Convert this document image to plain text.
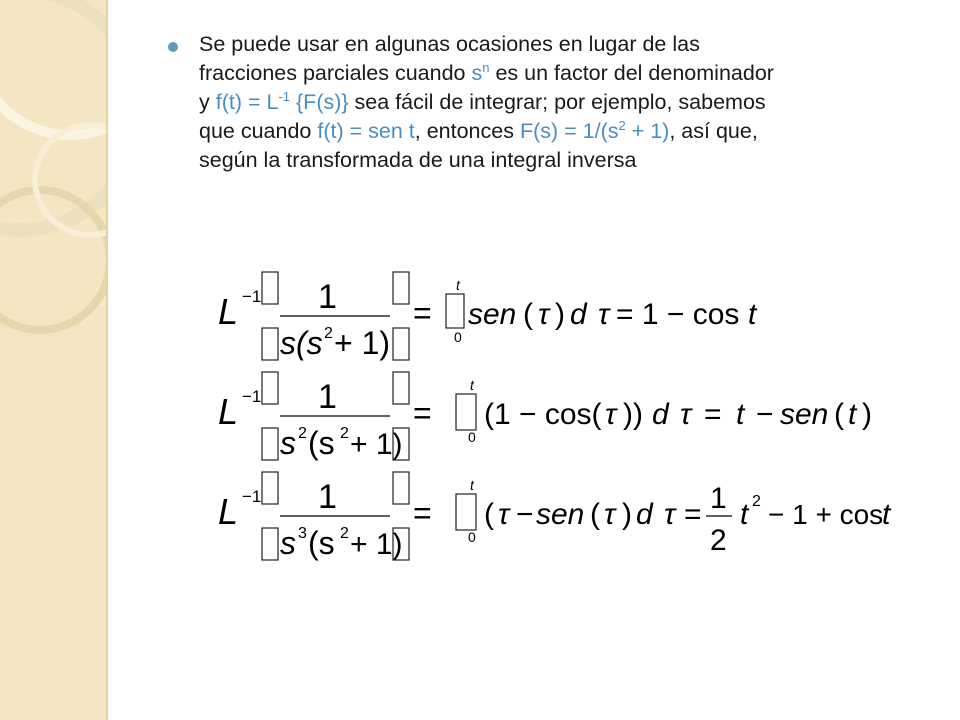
Se puede usar en algunas ocasiones en lugar de las
fracciones parciales cuando $s^n$ es un factor del denominador
y $f(t) = L^{-1}$ {F(s)} sea fácil de integrar; por ejemplo, sabemos
que cuando f(t) = sen t, entonces $F(s) = 1/(s^2 + 1)$, así que,
según la transformada de una integral inversa
L −1 1
s(s 2 + 1)
=
t
0
sen ( τ ) d τ = 1 − cos t
L −1 1
s 2 (s 2 + 1)
=
t
0
(1 − cos( τ )) d τ = t − sen ( t )
L −1 1
s 3 (s 2 + 1)
=
t
0
( τ − sen ( τ ) d τ = 1
2
t 2 − 1 + cos
t
